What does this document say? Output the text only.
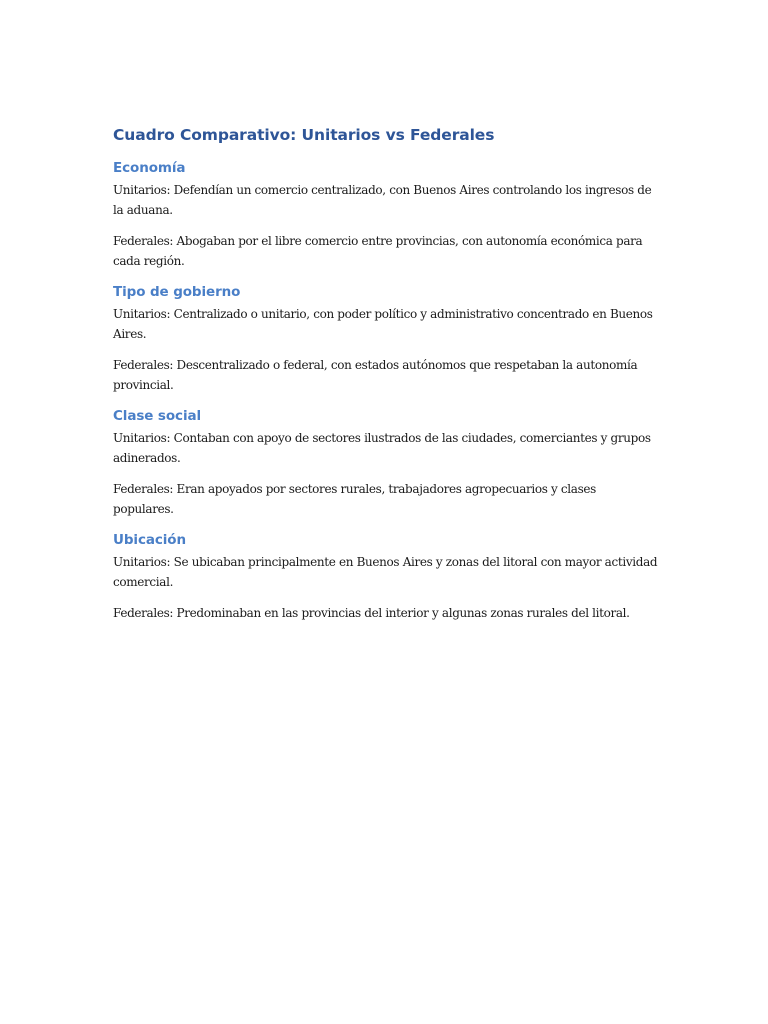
Cuadro Comparativo: Unitarios vs Federales
Economía

Unitarios: Defendían un comercio centralizado, con Buenos Aires controlando los ingresos de la aduana.

Federales: Abogaban por el libre comercio entre provincias, con autonomía económica para cada región.

Tipo de gobierno

Unitarios: Centralizado o unitario, con poder político y administrativo concentrado en Buenos Aires.

Federales: Descentralizado o federal, con estados autónomos que respetaban la autonomía provincial.

Clase social

Unitarios: Contaban con apoyo de sectores ilustrados de las ciudades, comerciantes y grupos adinerados.

Federales: Eran apoyados por sectores rurales, trabajadores agropecuarios y clases populares.

Ubicación

Unitarios: Se ubicaban principalmente en Buenos Aires y zonas del litoral con mayor actividad comercial.

Federales: Predominaban en las provincias del interior y algunas zonas rurales del litoral.
